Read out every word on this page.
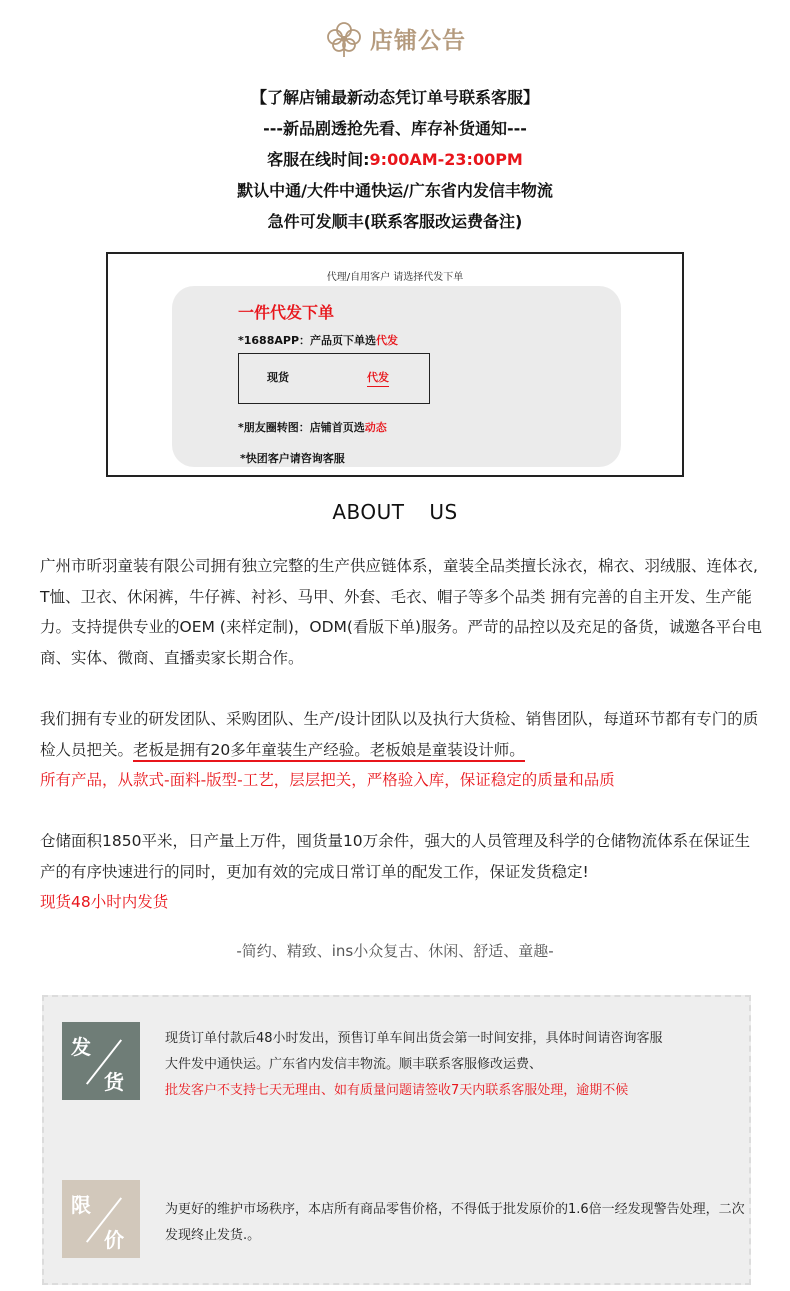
店铺公告
【了解店铺最新动态凭订单号联系客服】
---新品剧透抢先看、库存补货通知---
客服在线时间:9:00AM-23:00PM
默认中通/大件中通快运/广东省内发信丰物流
急件可发顺丰(联系客服改运费备注)
代理/自用客户 请选择代发下单
一件代发下单
*1688APP：产品页下单选代发
现货	代发
*朋友圈转图：店铺首页选动态
*快团客户请咨询客服
ABOUT US
广州市昕羽童装有限公司拥有独立完整的生产供应链体系，童装全品类擅长泳衣，棉衣、羽绒服、连体衣, T恤、卫衣、休闲裤，牛仔裤、衬衫、马甲、外套、毛衣、帽子等多个品类 拥有完善的自主开发、生产能力。支持提供专业的OEM (来样定制)，ODM(看版下单)服务。严苛的品控以及充足的备货，诚邀各平台电商、实体、微商、直播卖家长期合作。
我们拥有专业的研发团队、采购团队、生产/设计团队以及执行大货检、销售团队，每道环节都有专门的质检人员把关。老板是拥有20多年童装生产经验。老板娘是童装设计师。
所有产品，从款式-面料-版型-工艺，层层把关，严格验入库，保证稳定的质量和品质
仓储面积1850平米，日产量上万件，囤货量10万余件，强大的人员管理及科学的仓储物流体系在保证生产的有序快速进行的同时，更加有效的完成日常订单的配发工作，保证发货稳定!
现货48小时内发货
-简约、精致、ins小众复古、休闲、舒适、童趣-
发
货
现货订单付款后48小时发出，预售订单车间出货会第一时间安排，具体时间请咨询客服
大件发中通快运。广东省内发信丰物流。顺丰联系客服修改运费、
批发客户不支持七天无理由、如有质量问题请签收7天内联系客服处理，逾期不候
限
价
为更好的维护市场秩序，本店所有商品零售价格，不得低于批发原价的1.6倍一经发现警告处理，二次发现终止发货.。
